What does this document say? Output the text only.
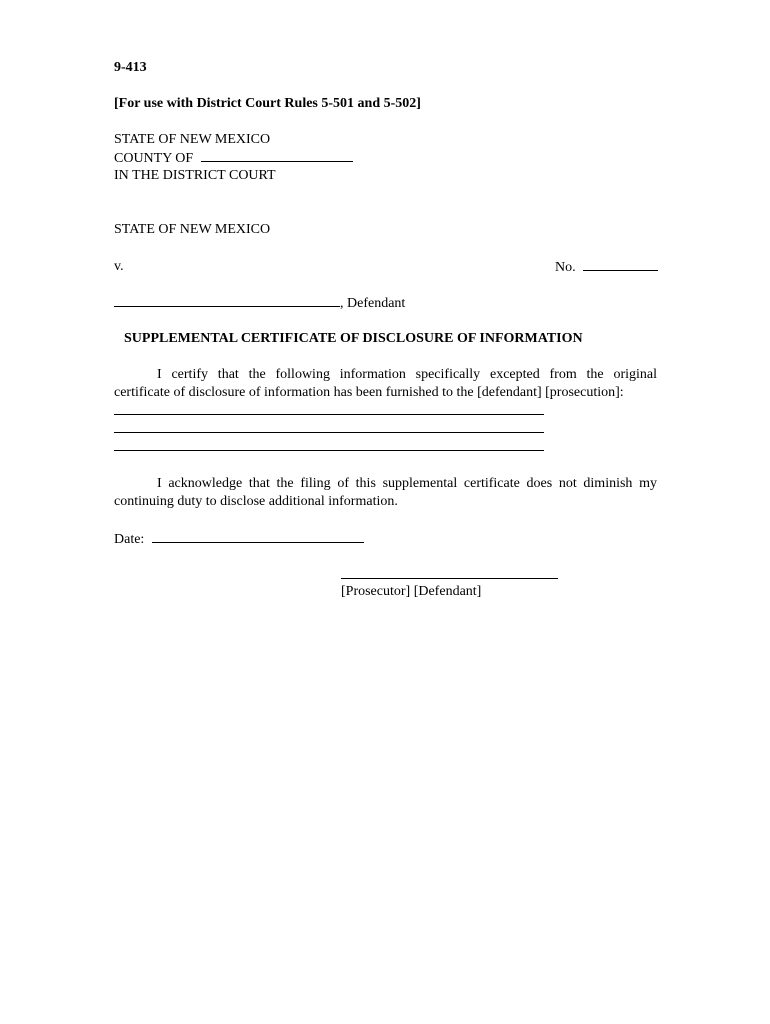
9-413
[For use with District Court Rules 5-501 and 5-502]
STATE OF NEW MEXICO
COUNTY OF
IN THE DISTRICT COURT
STATE OF NEW MEXICO
v.	No.
, Defendant
SUPPLEMENTAL CERTIFICATE OF DISCLOSURE OF INFORMATION
I certify that the following information specifically excepted from the original
certificate of disclosure of information has been furnished to the [defendant] [prosecution]:
I acknowledge that the filing of this supplemental certificate does not diminish my
continuing duty to disclose additional information.
Date:
[Prosecutor] [Defendant]
